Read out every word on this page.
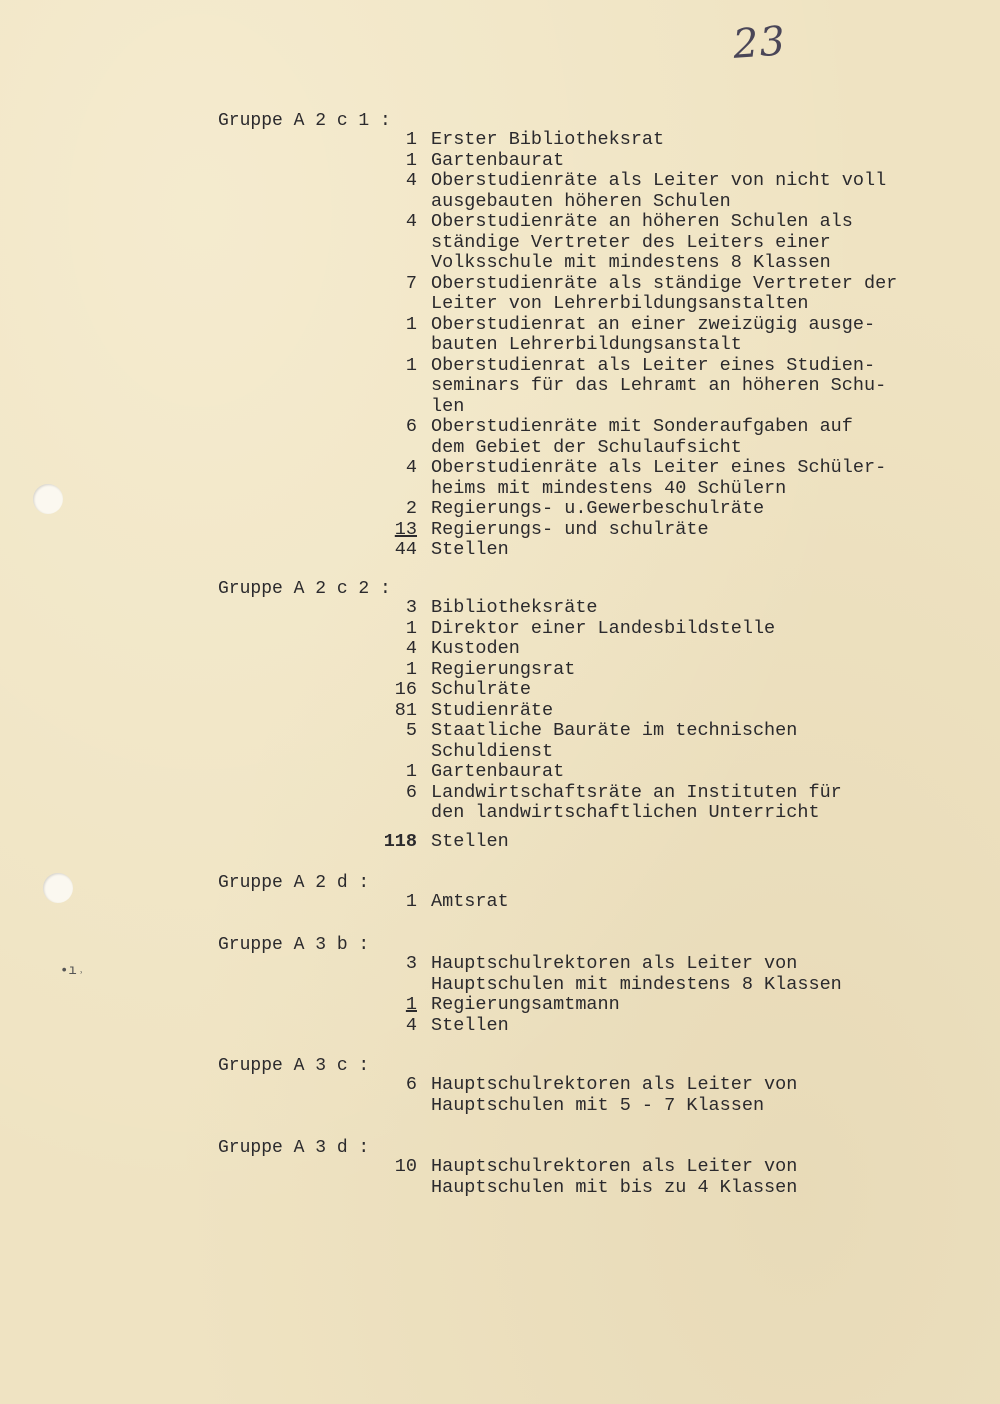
23
•ı˒
Gruppe A 2 c 1 :
1 Erster Bibliotheksrat
1 Gartenbaurat
4 Oberstudienräte als Leiter von nicht voll
ausgebauten höheren Schulen
4 Oberstudienräte an höheren Schulen als
ständige Vertreter des Leiters einer
Volksschule mit mindestens 8 Klassen
7 Oberstudienräte als ständige Vertreter der
Leiter von Lehrerbildungsanstalten
1 Oberstudienrat an einer zweizügig ausge-
bauten Lehrerbildungsanstalt
1 Oberstudienrat als Leiter eines Studien-
seminars für das Lehramt an höheren Schu-
len
6 Oberstudienräte mit Sonderaufgaben auf
dem Gebiet der Schulaufsicht
4 Oberstudienräte als Leiter eines Schüler-
heims mit mindestens 40 Schülern
2 Regierungs- u.Gewerbeschulräte
13 Regierungs- und schulräte
44 Stellen
Gruppe A 2 c 2 :
3 Bibliotheksräte
1 Direktor einer Landesbildstelle
4 Kustoden
1 Regierungsrat
16 Schulräte
81 Studienräte
5 Staatliche Bauräte im technischen
Schuldienst
1 Gartenbaurat
6 Landwirtschaftsräte an Instituten für
den landwirtschaftlichen Unterricht

118

Stellen

Gruppe A 2 d :
1 Amtsrat
Gruppe A 3 b :
3 Hauptschulrektoren als Leiter von
Hauptschulen mit mindestens 8 Klassen
1 Regierungsamtmann
4 Stellen
Gruppe A 3 c :
6 Hauptschulrektoren als Leiter von
Hauptschulen mit 5 - 7 Klassen
Gruppe A 3 d :
10 Hauptschulrektoren als Leiter von
Hauptschulen mit bis zu 4 Klassen
